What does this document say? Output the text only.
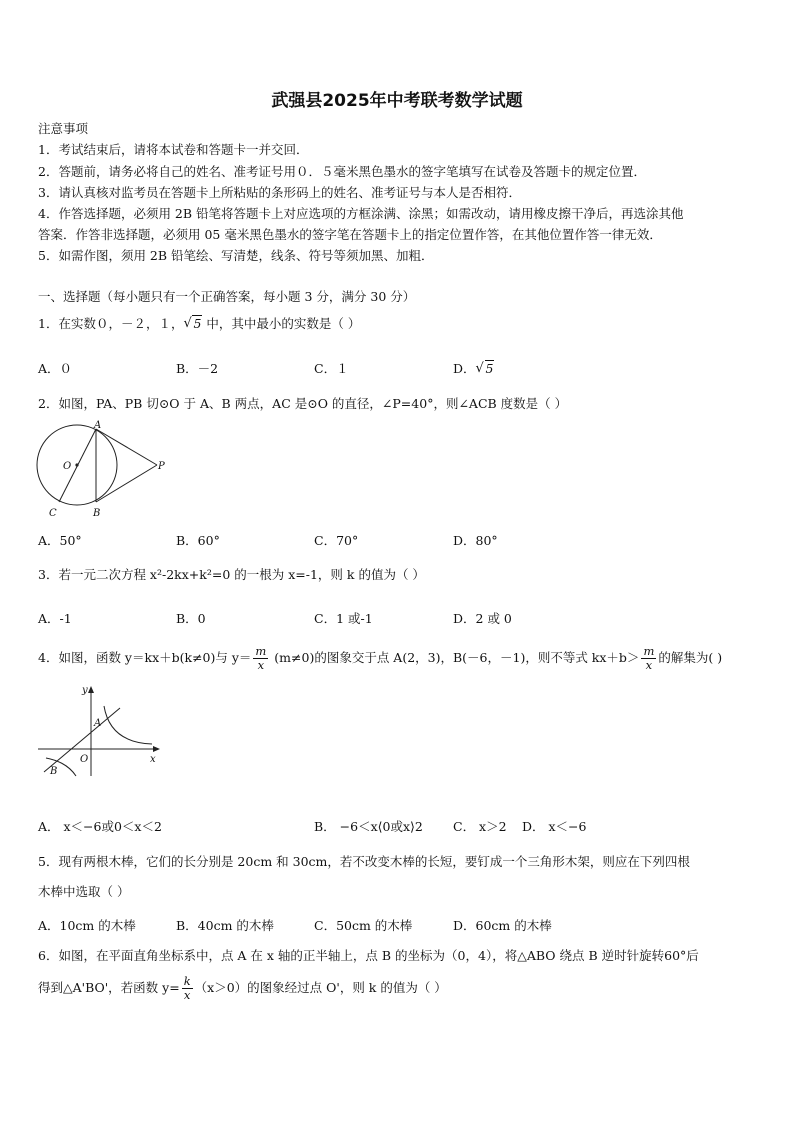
武强县2025年中考联考数学试题
注意事项
1．考试结束后，请将本试卷和答题卡一并交回．
2．答题前，请务必将自己的姓名、准考证号用０．５毫米黑色墨水的签字笔填写在试卷及答题卡的规定位置．
3．请认真核对监考员在答题卡上所粘贴的条形码上的姓名、准考证号与本人是否相符．
4．作答选择题，必须用 2B 铅笔将答题卡上对应选项的方框涂满、涂黑；如需改动，请用橡皮擦干净后，再选涂其他
答案．作答非选择题，必须用 05 毫米黑色墨水的签字笔在答题卡上的指定位置作答，在其他位置作答一律无效．
5．如需作图，须用 2B 铅笔绘、写清楚，线条、符号等须加黑、加粗．
一、选择题（每小题只有一个正确答案，每小题 3 分，满分 30 分）
1．在实数０，－２，１， √ 5 中，其中最小的实数是（ ）
A．０	B．－2	C．１	D． √ 5
2．如图，PA、PB 切⊙O 于 A、B 两点，AC 是⊙O 的直径，∠P=40°，则∠ACB 度数是（ ）
A
O	P
C	B
A．50°	B．60°	C．70°	D．80°
3．若一元二次方程 x²-2kx+k²=0 的一根为 x=-1，则 k 的值为（ ）
A．-1	B．0	C．1 或-1	D．2 或 0
4．如图，函数 y＝kx＋b(k≠0)与 $y= \frac{m}{x} (m\ne 0)$的图象交于点 A(2，3)，B(－6，－1)，则不等式 $kx+b> \frac{m}{x}$ 的解集为( )
y
x
A
O
B
A． x＜−6或0＜x＜2	B． −6＜x⟨0或x⟩2 C． x＞2 D． x＜−6
5．现有两根木棒，它们的长分别是 20cm 和 30cm，若不改变木棒的长短，要钉成一个三角形木架，则应在下列四根
木棒中选取（ ）
A．10cm 的木棒	B．40cm 的木棒	C．50cm 的木棒	D．60cm 的木棒
6．如图，在平面直角坐标系中，点 A 在 x 轴的正半轴上，点 B 的坐标为（0，4），将△ABO 绕点 B 逆时针旋转60°后
得到△A'BO'，若函数 $y= \frac{k}{x} (x>0)$的图象经过点 O'，则 k 的值为（ ）
